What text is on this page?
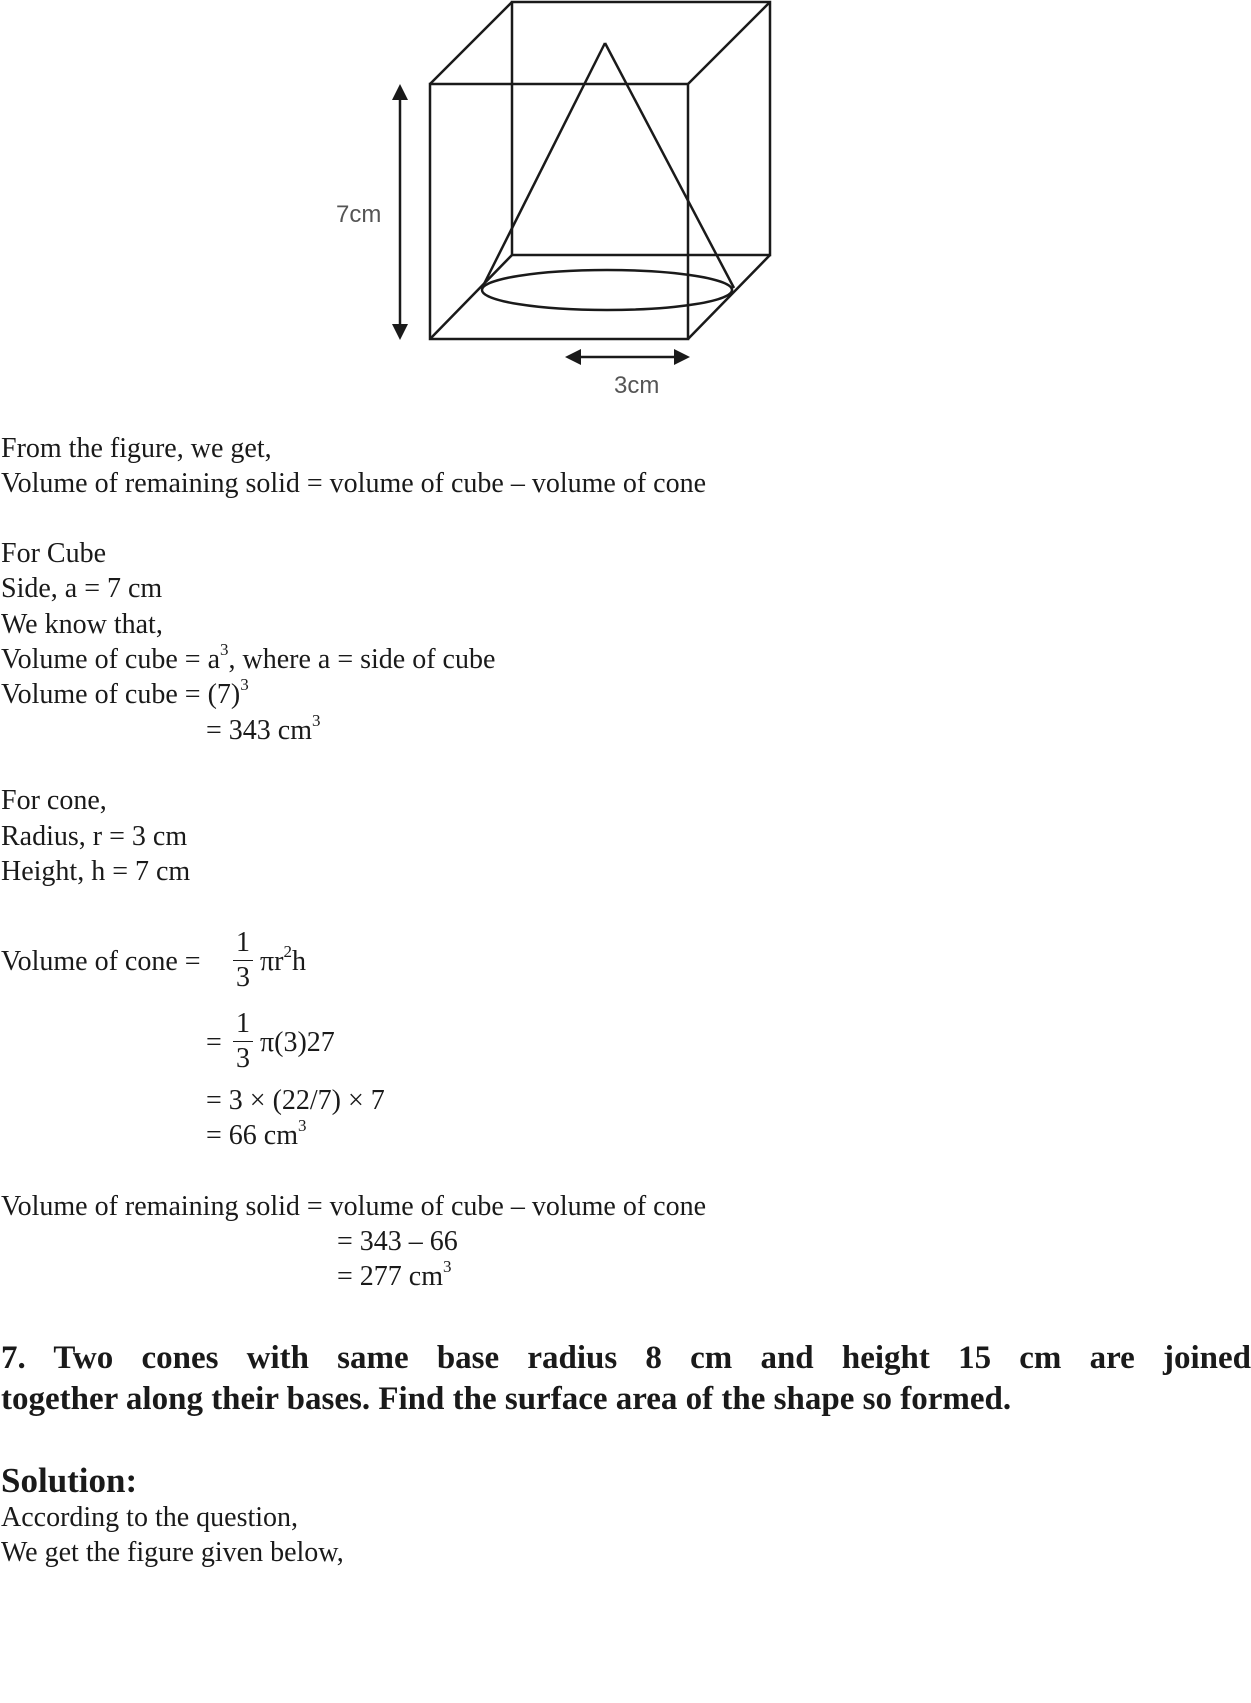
7cm
3cm
From the figure, we get,
Volume of remaining solid = volume of cube – volume of cone
For Cube
Side, a = 7 cm
We know that,
Volume of cube = $a^3$, where a = side of cube
Volume of cube = $(7)^3$
= 343 $cm^3$
For cone,
Radius, r = 3 cm
Height, h = 7 cm
Volume of cone =
1
3
$\pi r^2h$
=
1
3
π(3)27
= 3 × (22/7) × 7
= 66 $cm^3$
Volume of remaining solid = volume of cube – volume of cone
= 343 – 66
= 277 $cm^3$
7. Two cones with same base radius 8 cm and height 15 cm are joined
together along their bases. Find the surface area of the shape so formed.
Solution:
According to the question,
We get the figure given below,
